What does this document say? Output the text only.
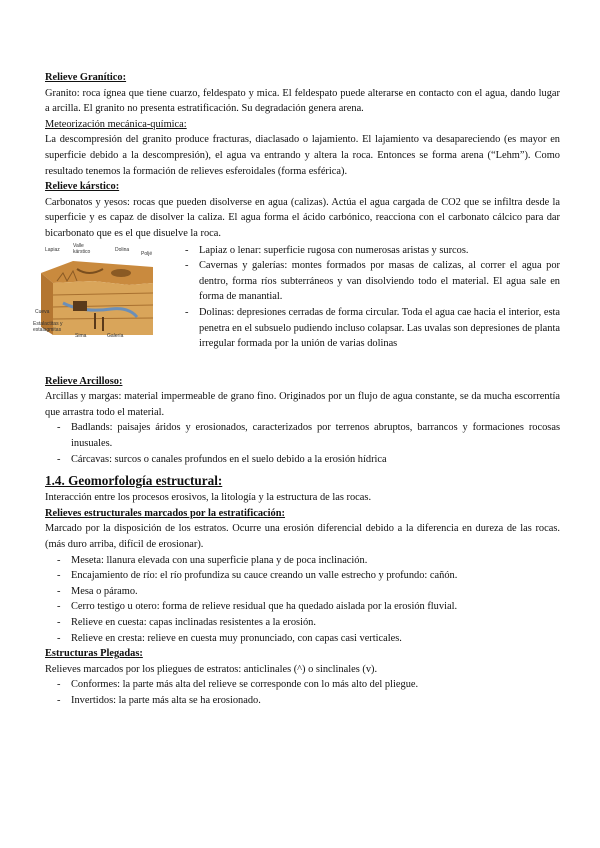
Relieve Granítico:

Granito: roca ígnea que tiene cuarzo, feldespato y mica. El feldespato puede alterarse en contacto con el agua, dando lugar a arcilla. El granito no presenta estratificación. Su degradación genera arena.

Meteorización mecánica-química:

La descompresión del granito produce fracturas, diaclasado o lajamiento. El lajamiento va desapareciendo (es mayor en superficie debido a la descompresión), el agua va entrando y altera la roca. Entonces se forma arena (“Lehm”). Como resultado tenemos la formación de relieves esferoidales (forma esférica).

Relieve kárstico:

Carbonatos y yesos: rocas que pueden disolverse en agua (calizas). Actúa el agua cargada de CO2 que se infiltra desde la superficie y es capaz de disolver la caliza. El agua forma el ácido carbónico, reacciona con el carbonato cálcico para dar bicarbonato que es el que disuelve la roca.

Lapiaz
Valle kárstico	Dolina
Poljé
Cueva
Estalactitas y estalagmitas
Sima	Galería
- Lapiaz o lenar: superficie rugosa con numerosas aristas y surcos.
- Cavernas y galerías: montes formados por masas de calizas, al correr el agua por dentro, forma ríos subterráneos y van disolviendo todo el material. El agua sale en forma de manantial.
- Dolinas: depresiones cerradas de forma circular. Toda el agua cae hacia el interior, esta penetra en el subsuelo pudiendo incluso colapsar. Las uvalas son depresiones de planta irregular formada por la unión de varias dolinas
Relieve Arcilloso:

Arcillas y margas: material impermeable de grano fino. Originados por un flujo de agua constante, se da mucha escorrentía que arrastra todo el material.

- Badlands: paisajes áridos y erosionados, caracterizados por terrenos abruptos, barrancos y formaciones rocosas inusuales.
- Cárcavas: surcos o canales profundos en el suelo debido a la erosión hídrica
1.4. Geomorfología estructural:

Interacción entre los procesos erosivos, la litología y la estructura de las rocas.

Relieves estructurales marcados por la estratificación:

Marcado por la disposición de los estratos. Ocurre una erosión diferencial debido a la diferencia en dureza de las rocas. (más duro arriba, difícil de erosionar).

- Meseta: llanura elevada con una superficie plana y de poca inclinación.
- Encajamiento de río: el río profundiza su cauce creando un valle estrecho y profundo: cañón.
- Mesa o páramo.
- Cerro testigo u otero: forma de relieve residual que ha quedado aislada por la erosión fluvial.
- Relieve en cuesta: capas inclinadas resistentes a la erosión.
- Relieve en cresta: relieve en cuesta muy pronunciado, con capas casi verticales.
Estructuras Plegadas:

Relieves marcados por los pliegues de estratos: anticlinales (^) o sinclinales (v).

- Conformes: la parte más alta del relieve se corresponde con lo más alto del pliegue.
- Invertidos: la parte más alta se ha erosionado.
